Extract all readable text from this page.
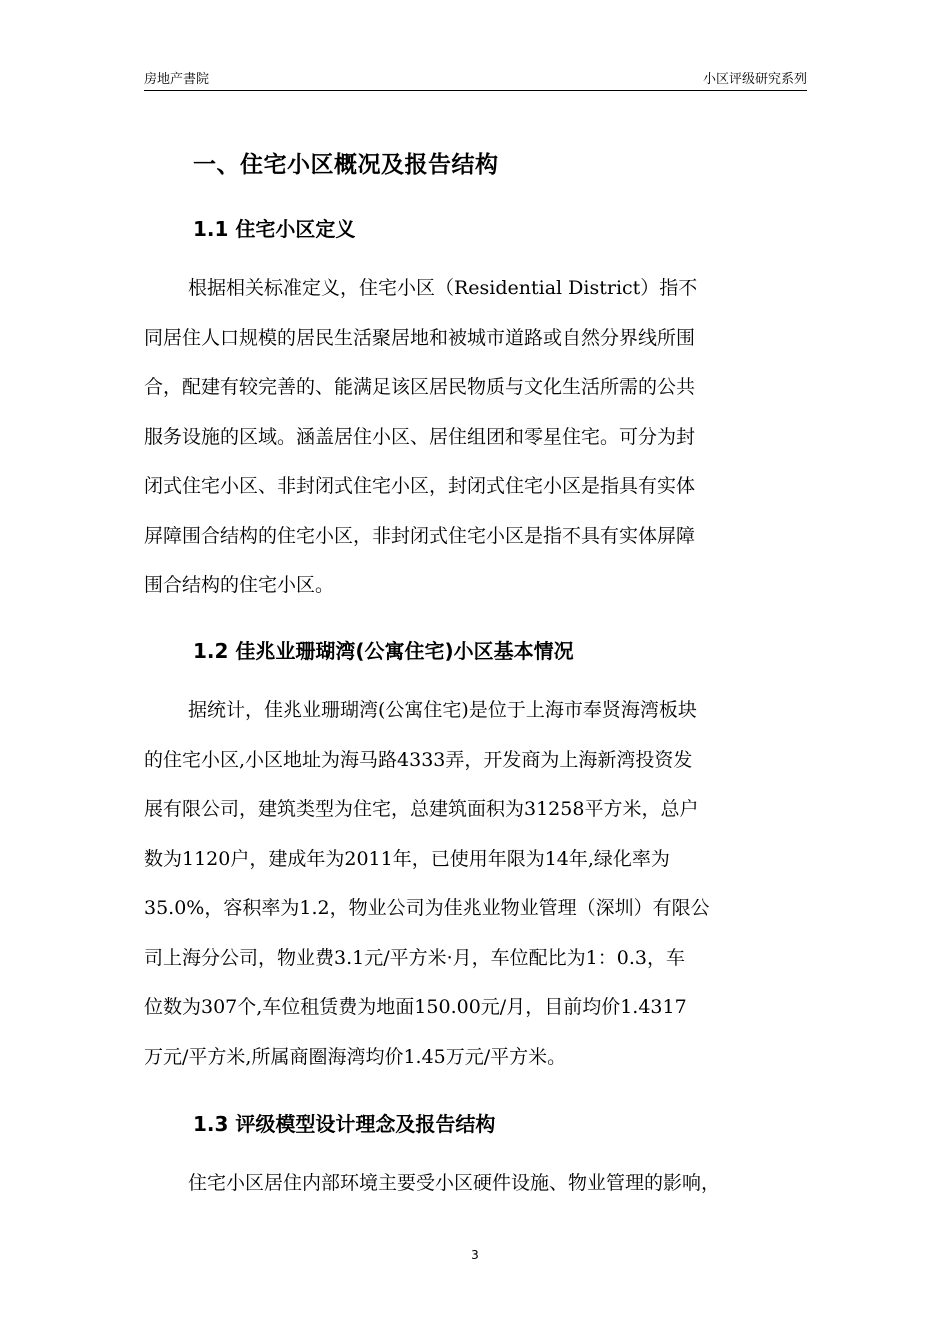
房地产書院	小区评级研究系列
一、住宅小区概况及报告结构
1.1 住宅小区定义
根据相关标准定义，住宅小区（Residential District）指不
同居住人口规模的居民生活聚居地和被城市道路或自然分界线所围
合，配建有较完善的、能满足该区居民物质与文化生活所需的公共
服务设施的区域。涵盖居住小区、居住组团和零星住宅。可分为封
闭式住宅小区、非封闭式住宅小区，封闭式住宅小区是指具有实体
屏障围合结构的住宅小区，非封闭式住宅小区是指不具有实体屏障
围合结构的住宅小区。
1.2 佳兆业珊瑚湾(公寓住宅)小区基本情况
据统计，佳兆业珊瑚湾(公寓住宅)是位于上海市奉贤海湾板块
的住宅小区,小区地址为海马路4333弄，开发商为上海新湾投资发
展有限公司，建筑类型为住宅，总建筑面积为31258平方米，总户
数为1120户，建成年为2011年，已使用年限为14年,绿化率为
35.0%，容积率为1.2，物业公司为佳兆业物业管理（深圳）有限公
司上海分公司，物业费3.1元/平方米·月，车位配比为1：0.3，车
位数为307个,车位租赁费为地面150.00元/月，目前均价1.4317
万元/平方米,所属商圈海湾均价1.45万元/平方米。
1.3 评级模型设计理念及报告结构
住宅小区居住内部环境主要受小区硬件设施、物业管理的影响，
3
